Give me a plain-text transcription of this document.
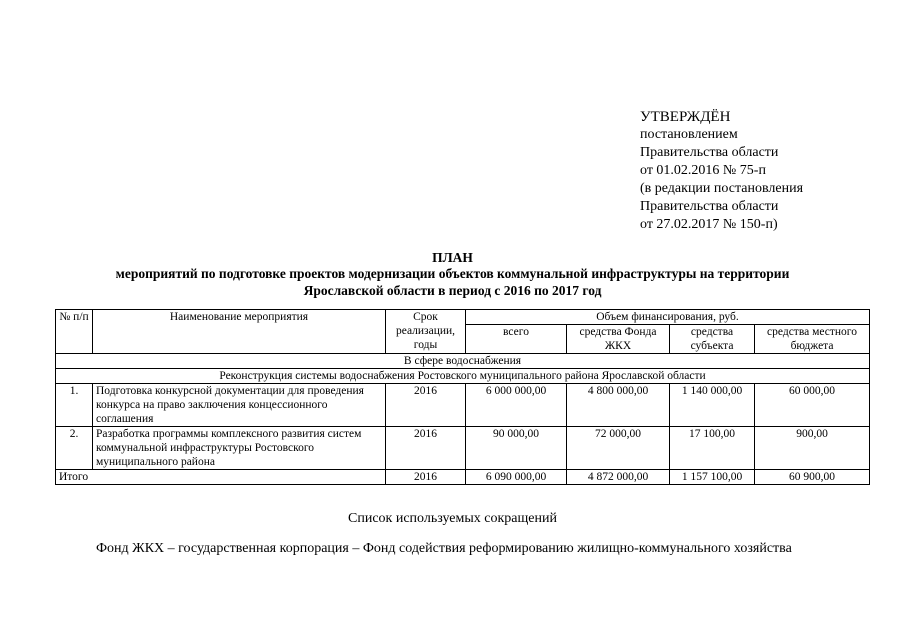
УТВЕРЖДЁН
постановлением
Правительства области
от 01.02.2016 № 75-п
(в редакции постановления
Правительства области
от 27.02.2017 № 150-п)
ПЛАН
мероприятий по подготовке проектов модернизации объектов коммунальной инфраструктуры на территории
Ярославской области в период с 2016 по 2017 год
№ п/п	Наименование мероприятия	Срок реализации, годы	Объем финансирования, руб.			
			всего	средства Фонда ЖКХ	средства субъекта	средства местного бюджета
В сфере водоснабжения						
Реконструкция системы водоснабжения Ростовского муниципального района Ярославской области						
1.	Подготовка конкурсной документации для проведения конкурса на право заключения концессионного соглашения	2016	6 000 000,00	4 800 000,00	1 140 000,00	60 000,00
2.	Разработка программы комплексного развития систем коммунальной инфраструктуры Ростовского муниципального района	2016	90 000,00	72 000,00	17 100,00	900,00
Итого		2016	6 090 000,00	4 872 000,00	1 157 100,00	60 900,00
Список используемых сокращений
Фонд ЖКХ – государственная корпорация – Фонд содействия реформированию жилищно-коммунального хозяйства
